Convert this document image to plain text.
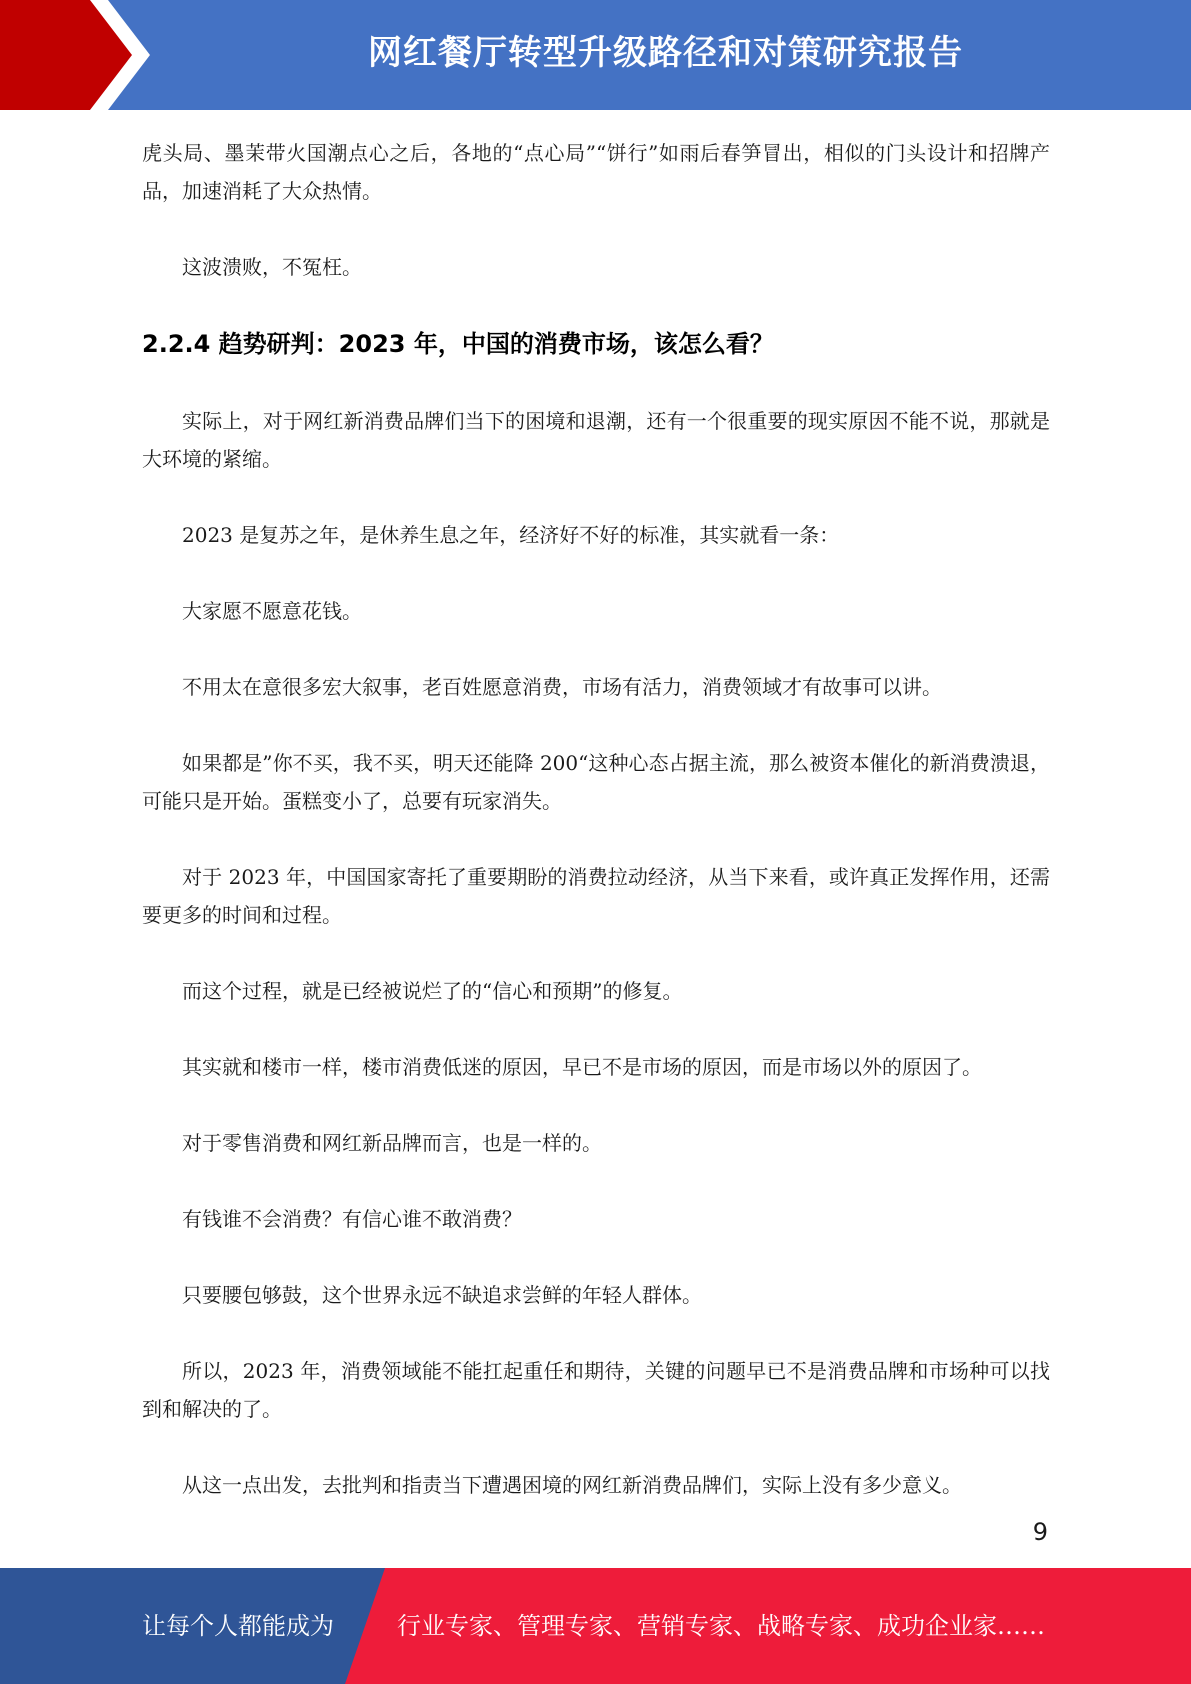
网红餐厅转型升级路径和对策研究报告

虎头局、墨茉带火国潮点心之后，各地的“点心局”“饼行”如雨后春笋冒出，相似的门头设计和招牌产品，加速消耗了大众热情。

这波溃败，不冤枉。

2.2.4 趋势研判：2023 年，中国的消费市场，该怎么看？

实际上，对于网红新消费品牌们当下的困境和退潮，还有一个很重要的现实原因不能不说，那就是大环境的紧缩。

2023 是复苏之年，是休养生息之年，经济好不好的标准，其实就看一条：

大家愿不愿意花钱。

不用太在意很多宏大叙事，老百姓愿意消费，市场有活力，消费领域才有故事可以讲。

如果都是”你不买，我不买，明天还能降 200“这种心态占据主流，那么被资本催化的新消费溃退，可能只是开始。蛋糕变小了，总要有玩家消失。

对于 2023 年，中国国家寄托了重要期盼的消费拉动经济，从当下来看，或许真正发挥作用，还需要更多的时间和过程。

而这个过程，就是已经被说烂了的“信心和预期”的修复。

其实就和楼市一样，楼市消费低迷的原因，早已不是市场的原因，而是市场以外的原因了。

对于零售消费和网红新品牌而言，也是一样的。

有钱谁不会消费？有信心谁不敢消费？

只要腰包够鼓，这个世界永远不缺追求尝鲜的年轻人群体。

所以，2023 年，消费领域能不能扛起重任和期待，关键的问题早已不是消费品牌和市场种可以找到和解决的了。

从这一点出发，去批判和指责当下遭遇困境的网红新消费品牌们，实际上没有多少意义。

9
让每个人都能成为	行业专家、管理专家、营销专家、战略专家、成功企业家……
